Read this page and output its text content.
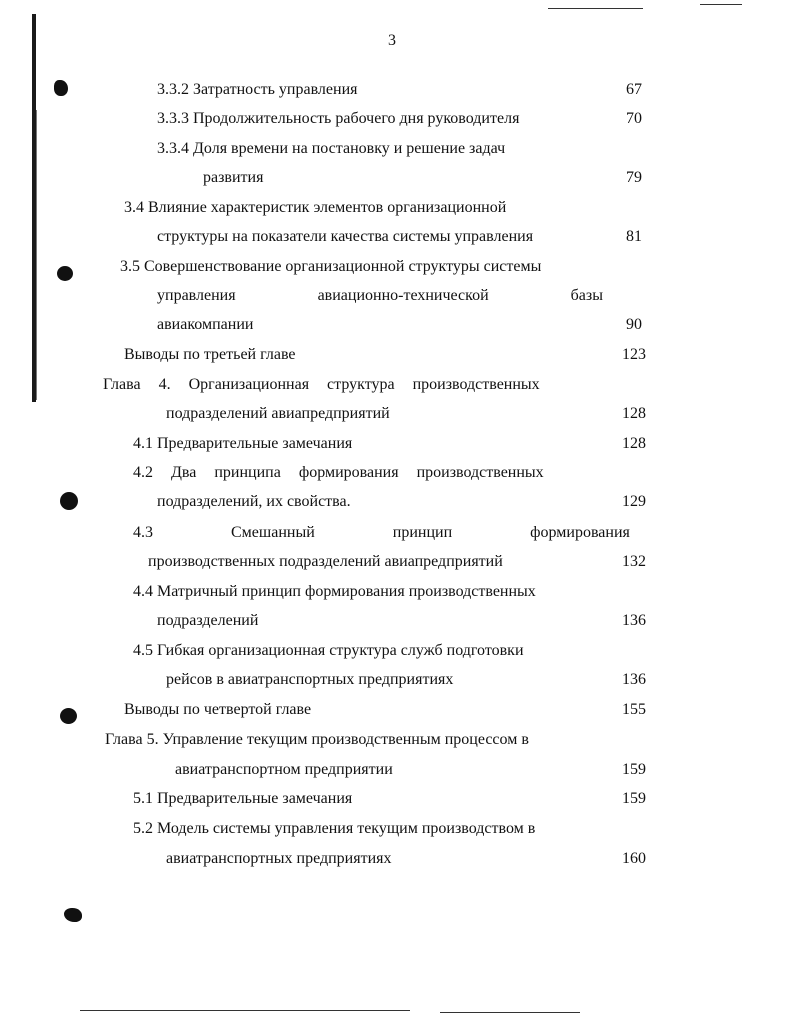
3
3.3.2 Затратность управления	67
3.3.3 Продолжительность рабочего дня руководителя	70
3.3.4 Доля времени на постановку и решение задач
развития	79
3.4 Влияние характеристик элементов организационной
структуры на показатели качества системы управления	81
3.5 Совершенствование организационной структуры системы
управления авиационно-технической базы
авиакомпании	90
Выводы по третьей главе	123
Глава 4. Организационная структура производственных
подразделений авиапредприятий	128
4.1 Предварительные замечания	128
4.2 Два принципа формирования производственных
подразделений, их свойства.	129
4.3 Смешанный принцип формирования
производственных подразделений авиапредприятий	132
4.4 Матричный принцип формирования производственных
подразделений	136
4.5 Гибкая организационная структура служб подготовки
рейсов в авиатранспортных предприятиях	136
Выводы по четвертой главе	155
Глава 5. Управление текущим производственным процессом в
авиатранспортном предприятии	159
5.1 Предварительные замечания	159
5.2 Модель системы управления текущим производством в
авиатранспортных предприятиях	160
